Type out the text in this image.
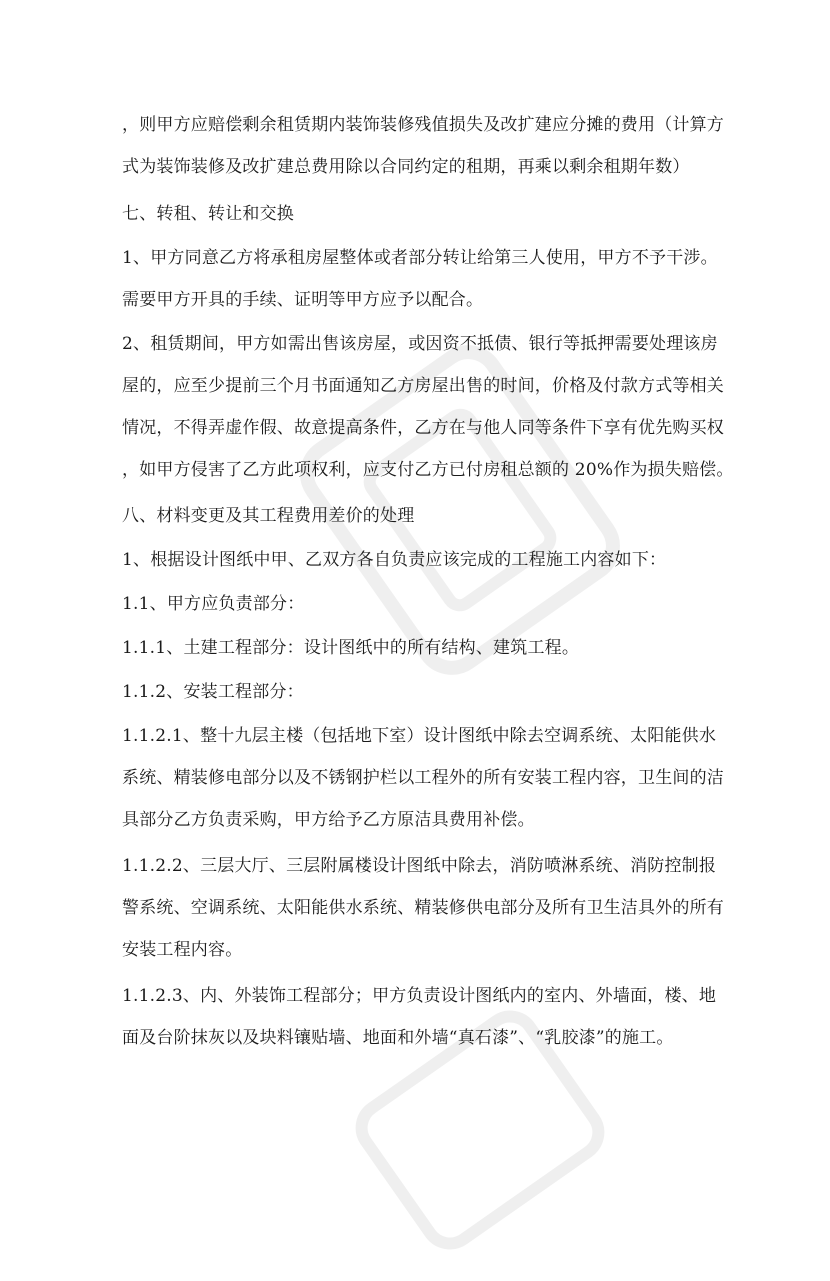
，则甲方应赔偿剩余租赁期内装饰装修残值损失及改扩建应分摊的费用（计算方
式为装饰装修及改扩建总费用除以合同约定的租期，再乘以剩余租期年数）
七、转租、转让和交换
1、甲方同意乙方将承租房屋整体或者部分转让给第三人使用，甲方不予干涉。
需要甲方开具的手续、证明等甲方应予以配合。
2、租赁期间，甲方如需出售该房屋，或因资不抵债、银行等抵押需要处理该房
屋的，应至少提前三个月书面通知乙方房屋出售的时间，价格及付款方式等相关
情况，不得弄虚作假、故意提高条件，乙方在与他人同等条件下享有优先购买权
，如甲方侵害了乙方此项权利，应支付乙方已付房租总额的 20%作为损失赔偿。
八、材料变更及其工程费用差价的处理
1、根据设计图纸中甲、乙双方各自负责应该完成的工程施工内容如下：
1.1、甲方应负责部分：
1.1.1、土建工程部分：设计图纸中的所有结构、建筑工程。
1.1.2、安装工程部分：
1.1.2.1、整十九层主楼（包括地下室）设计图纸中除去空调系统、太阳能供水
系统、精装修电部分以及不锈钢护栏以工程外的所有安装工程内容，卫生间的洁
具部分乙方负责采购，甲方给予乙方原洁具费用补偿。
1.1.2.2、三层大厅、三层附属楼设计图纸中除去，消防喷淋系统、消防控制报
警系统、空调系统、太阳能供水系统、精装修供电部分及所有卫生洁具外的所有
安装工程内容。
1.1.2.3、内、外装饰工程部分；甲方负责设计图纸内的室内、外墙面，楼、地
面及台阶抹灰以及块料镶贴墙、地面和外墙“真石漆”、“乳胶漆”的施工。
